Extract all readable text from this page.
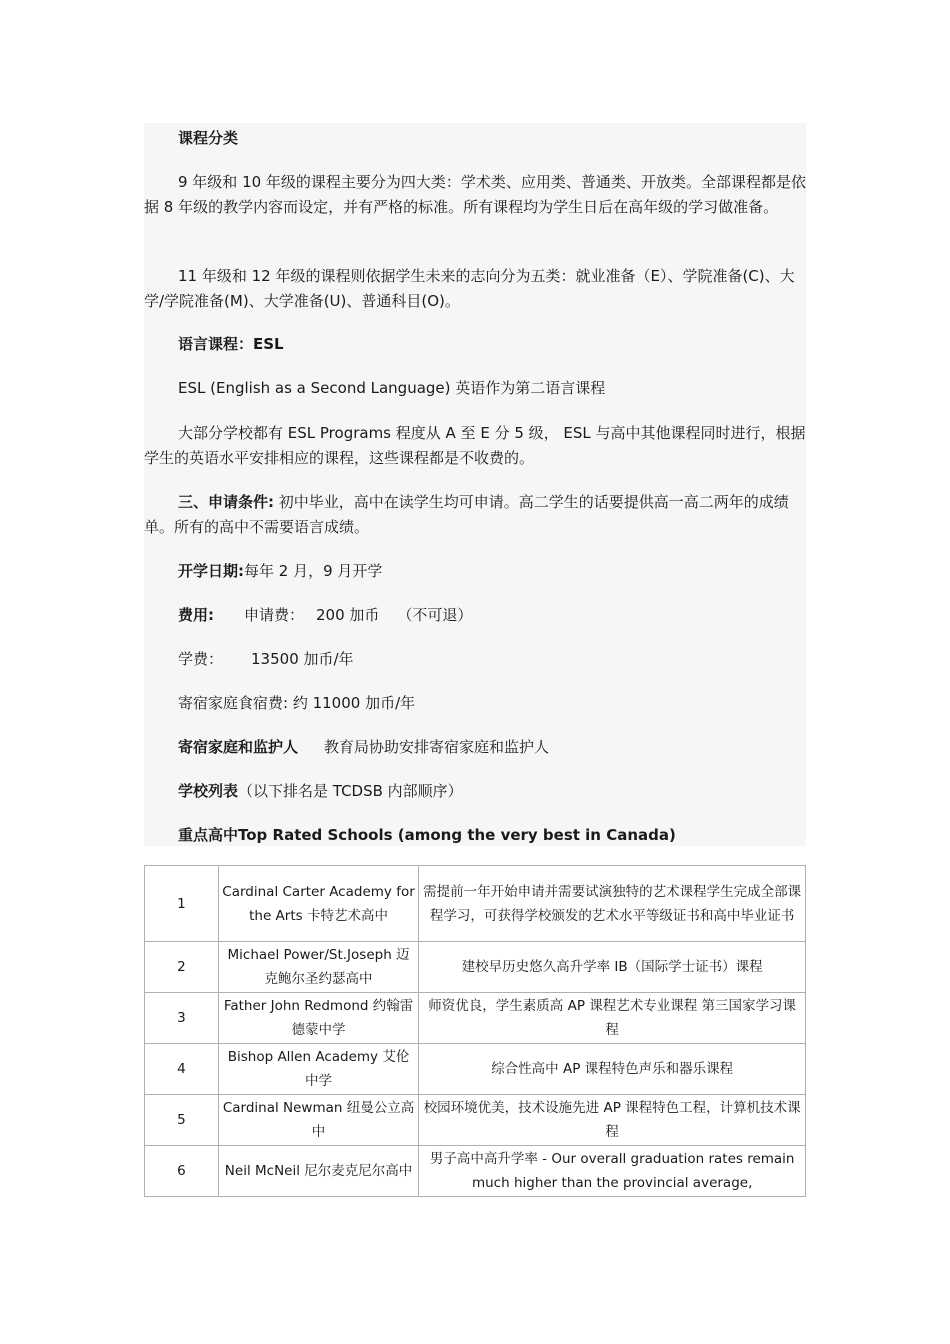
课程分类

9 年级和 10 年级的课程主要分为四大类：学术类、应用类、普通类、开放类。全部课程都是依据 8 年级的教学内容而设定，并有严格的标准。所有课程均为学生日后在高年级的学习做准备。

11 年级和 12 年级的课程则依据学生未来的志向分为五类：就业准备（E）、学院准备(C)、大学/学院准备(M)、大学准备(U)、普通科目(O)。

语言课程：ESL

ESL (English as a Second Language) 英语作为第二语言课程

大部分学校都有 ESL Programs 程度从 A 至 E 分 5 级， ESL 与高中其他课程同时进行，根据学生的英语水平安排相应的课程，这些课程都是不收费的。

三、申请条件: 初中毕业，高中在读学生均可申请。高二学生的话要提供高一高二两年的成绩单。所有的高中不需要语言成绩。

开学日期:每年 2 月，9 月开学

费用: 申请费： 200 加币 （不可退）

学费： 13500 加币/年

寄宿家庭食宿费: 约 11000 加币/年

寄宿家庭和监护人 教育局协助安排寄宿家庭和监护人

学校列表（以下排名是 TCDSB 内部顺序）

重点高中Top Rated Schools (among the very best in Canada)

1	Cardinal Carter Academy for the Arts 卡特艺术高中	需提前一年开始申请并需要试演独特的艺术课程学生完成全部课程学习，可获得学校颁发的艺术水平等级证书和高中毕业证书
2	Michael Power/St.Joseph 迈克鲍尔圣约瑟高中	建校早历史悠久高升学率 IB（国际学士证书）课程
3	Father John Redmond 约翰雷德蒙中学	师资优良，学生素质高 AP 课程艺术专业课程 第三国家学习课程
4	Bishop Allen Academy 艾伦中学	综合性高中 AP 课程特色声乐和器乐课程
5	Cardinal Newman 纽曼公立高中	校园环境优美，技术设施先进 AP 课程特色工程，计算机技术课程
6	Neil McNeil 尼尔麦克尼尔高中	男子高中高升学率 - Our overall graduation rates remain much higher than the provincial average,
